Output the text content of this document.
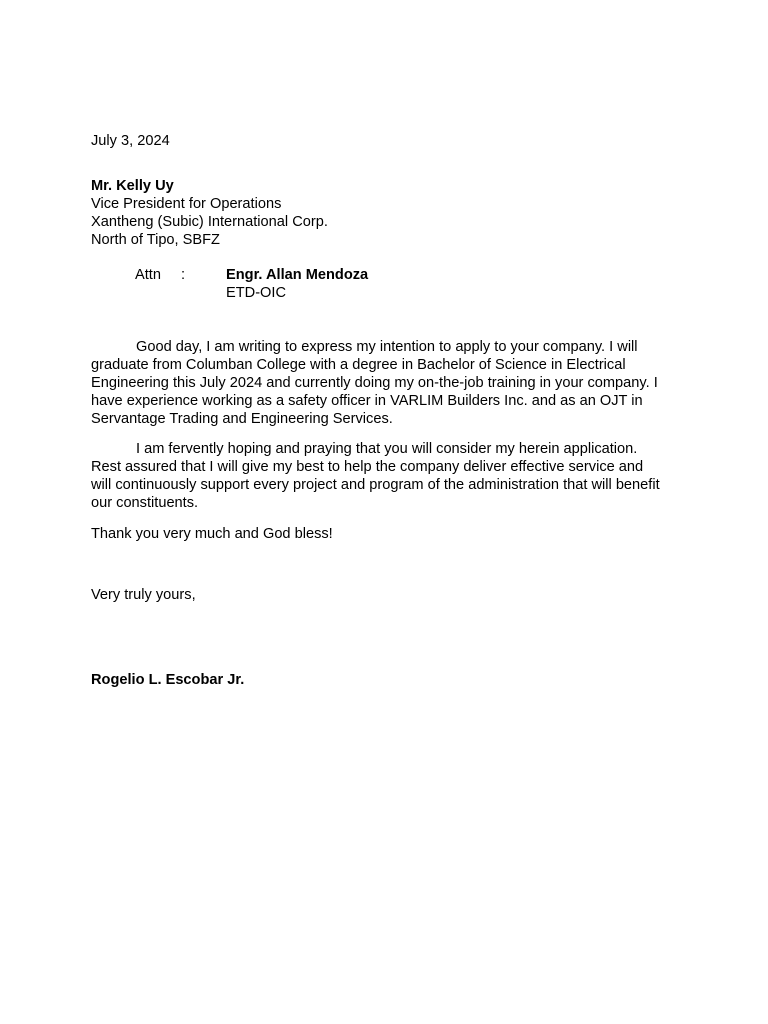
July 3, 2024
Mr. Kelly Uy
Vice President for Operations
Xantheng (Subic) International Corp.
North of Tipo, SBFZ
Attn :	Engr. Allan Mendoza
ETD-OIC

Good day, I am writing to express my intention to apply to your company. I will
graduate from Columban College with a degree in Bachelor of Science in Electrical
Engineering this July 2024 and currently doing my on-the-job training in your company. I
have experience working as a safety officer in VARLIM Builders Inc. and as an OJT in
Servantage Trading and Engineering Services.

I am fervently hoping and praying that you will consider my herein application.
Rest assured that I will give my best to help the company deliver effective service and
will continuously support every project and program of the administration that will benefit
our constituents.

Thank you very much and God bless!

Very truly yours,
Rogelio L. Escobar Jr.
